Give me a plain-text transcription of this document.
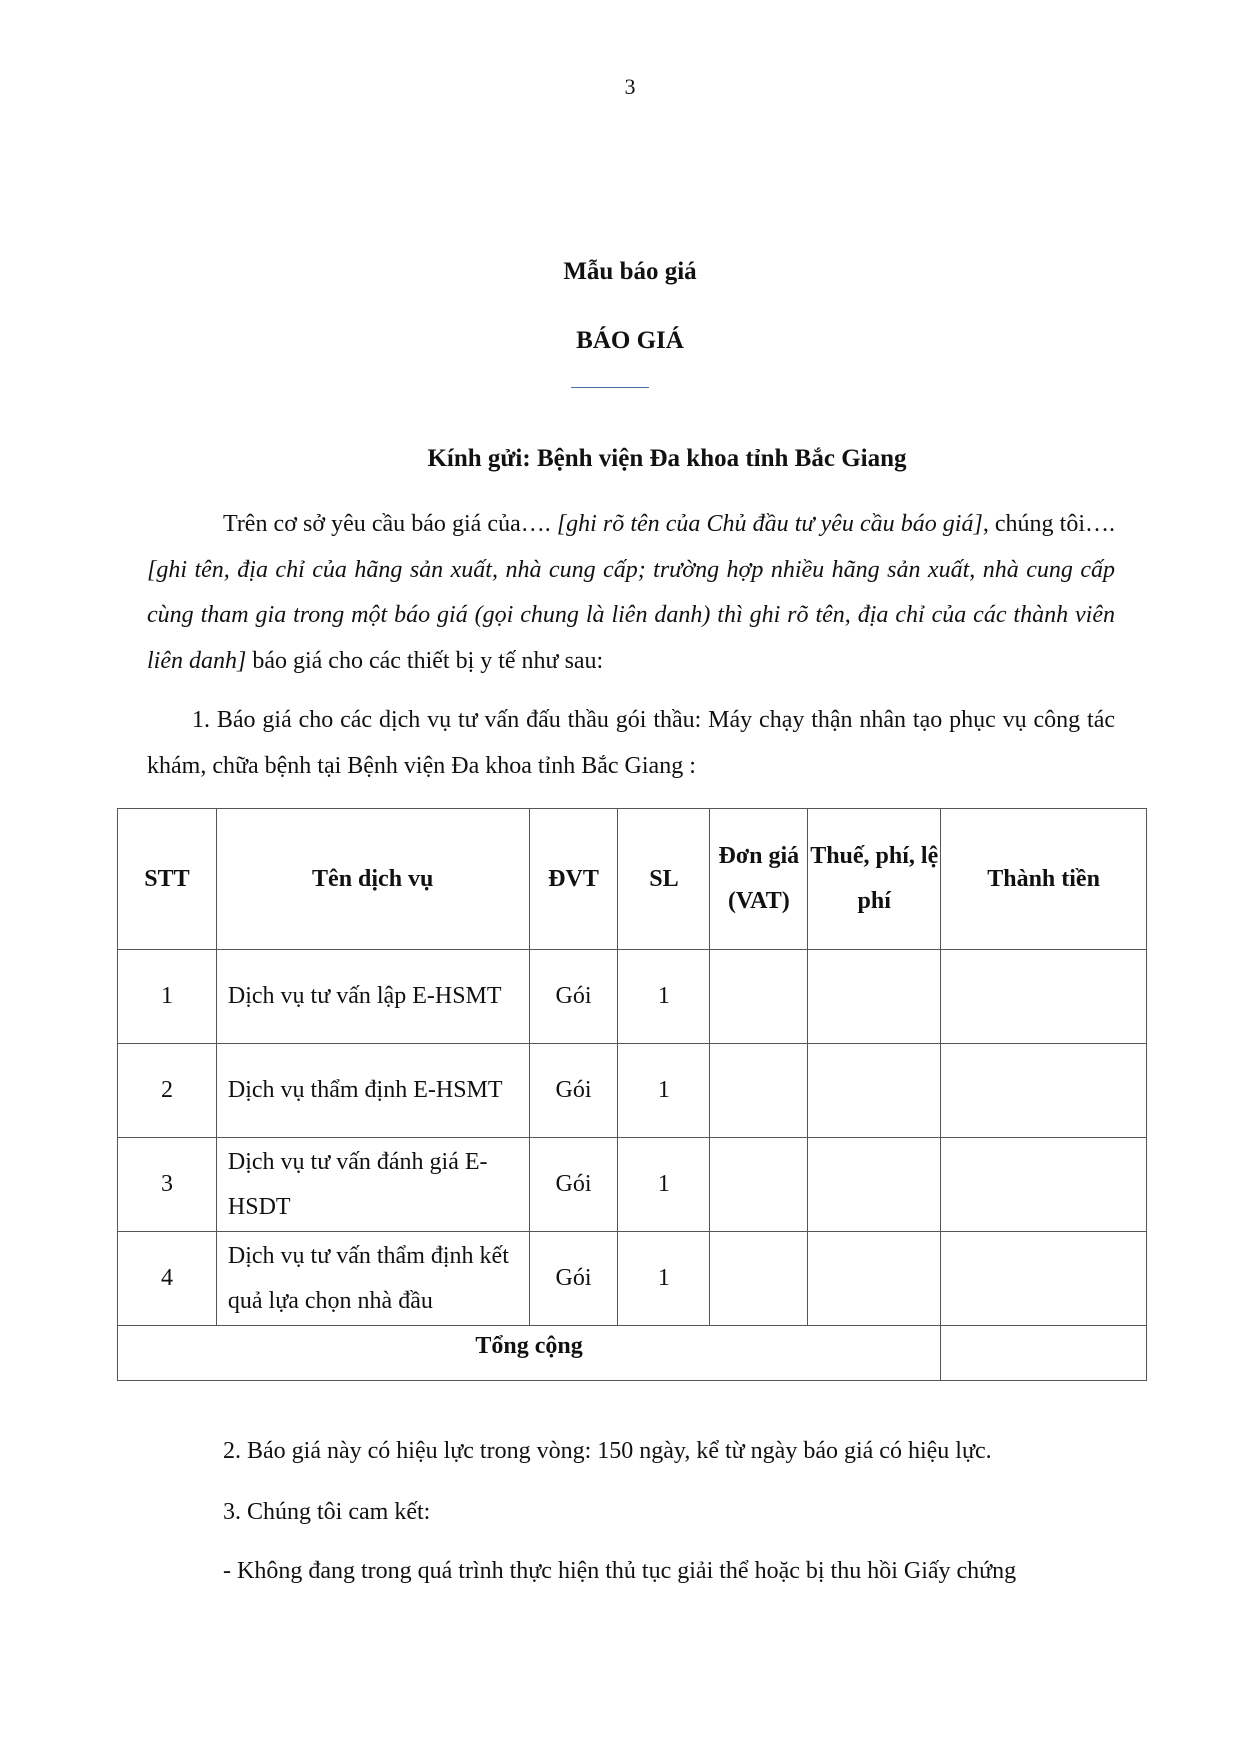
3
Mẫu báo giá
BÁO GIÁ
Kính gửi: Bệnh viện Đa khoa tỉnh Bắc Giang

Trên cơ sở yêu cầu báo giá của…. [ghi rõ tên của Chủ đầu tư yêu cầu báo giá], chúng tôi….[ghi tên, địa chỉ của hãng sản xuất, nhà cung cấp; trường hợp nhiều hãng sản xuất, nhà cung cấp cùng tham gia trong một báo giá (gọi chung là liên danh) thì ghi rõ tên, địa chỉ của các thành viên liên danh] báo giá cho các thiết bị y tế như sau:

1. Báo giá cho các dịch vụ tư vấn đấu thầu gói thầu: Máy chạy thận nhân tạo phục vụ công tác khám, chữa bệnh tại Bệnh viện Đa khoa tỉnh Bắc Giang :

STT	Tên dịch vụ	ĐVT	SL	Đơn giá (VAT)	Thuế, phí, lệ phí	Thành tiền
1	Dịch vụ tư vấn lập E-HSMT	Gói	1			
2	Dịch vụ thẩm định E-HSMT	Gói	1			
3	Dịch vụ tư vấn đánh giá E-HSDT	Gói	1			
4	Dịch vụ tư vấn thẩm định kết quả lựa chọn nhà đầu	Gói	1			
Tổng cộng						

2. Báo giá này có hiệu lực trong vòng: 150 ngày, kể từ ngày báo giá có hiệu lực.

3. Chúng tôi cam kết:

- Không đang trong quá trình thực hiện thủ tục giải thể hoặc bị thu hồi Giấy chứng
